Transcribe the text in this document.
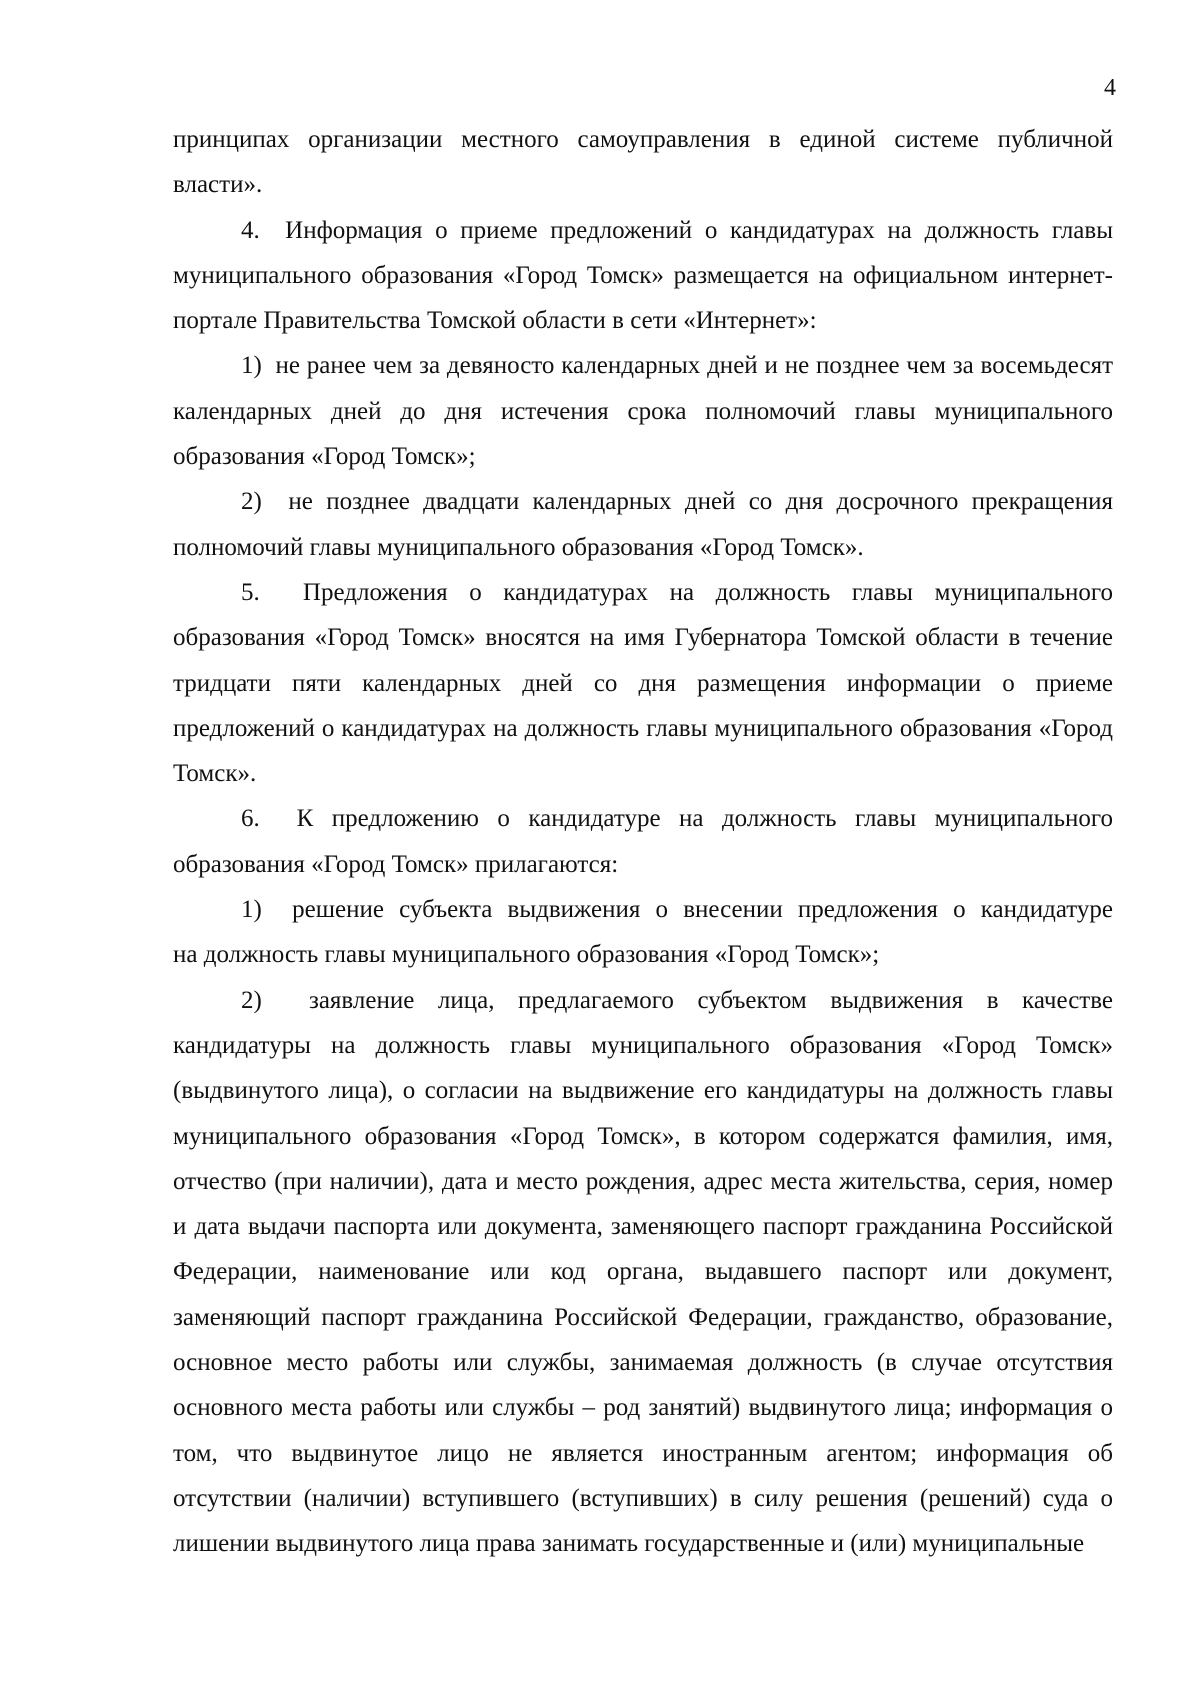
4

принципах организации местного самоуправления в единой системе публичной власти».

4.  Информация о приеме предложений о кандидатурах на должность главы муниципального образования «Город Томск» размещается на официальном интернет-портале Правительства Томской области в сети «Интернет»:

1)  не ранее чем за девяносто календарных дней и не позднее чем за восемьдесят календарных дней до дня истечения срока полномочий главы муниципального образования «Город Томск»;

2)  не позднее двадцати календарных дней со дня досрочного прекращения полномочий главы муниципального образования «Город Томск».

5.  Предложения о кандидатурах на должность главы муниципального образования «Город Томск» вносятся на имя Губернатора Томской области в течение тридцати пяти календарных дней со дня размещения информации о приеме предложений о кандидатурах на должность главы муниципального образования «Город Томск».

6.  К предложению о кандидатуре на должность главы муниципального образования «Город Томск» прилагаются:

1)  решение субъекта выдвижения о внесении предложения о кандидатуре на должность главы муниципального образования «Город Томск»;

2)  заявление лица, предлагаемого субъектом выдвижения в качестве кандидатуры на должность главы муниципального образования «Город Томск» (выдвинутого лица), о согласии на выдвижение его кандидатуры на должность главы муниципального образования «Город Томск», в котором содержатся фамилия, имя, отчество (при наличии), дата и место рождения, адрес места жительства, серия, номер и дата выдачи паспорта или документа, заменяющего паспорт гражданина Российской Федерации, наименование или код органа, выдавшего паспорт или документ, заменяющий паспорт гражданина Российской Федерации, гражданство, образование, основное место работы или службы, занимаемая должность (в случае отсутствия основного места работы или службы – род занятий) выдвинутого лица; информация о том, что выдвинутое лицо не является иностранным агентом; информация об отсутствии (наличии) вступившего (вступивших) в силу решения (решений) суда о лишении выдвинутого лица права занимать государственные и (или) муниципальные
